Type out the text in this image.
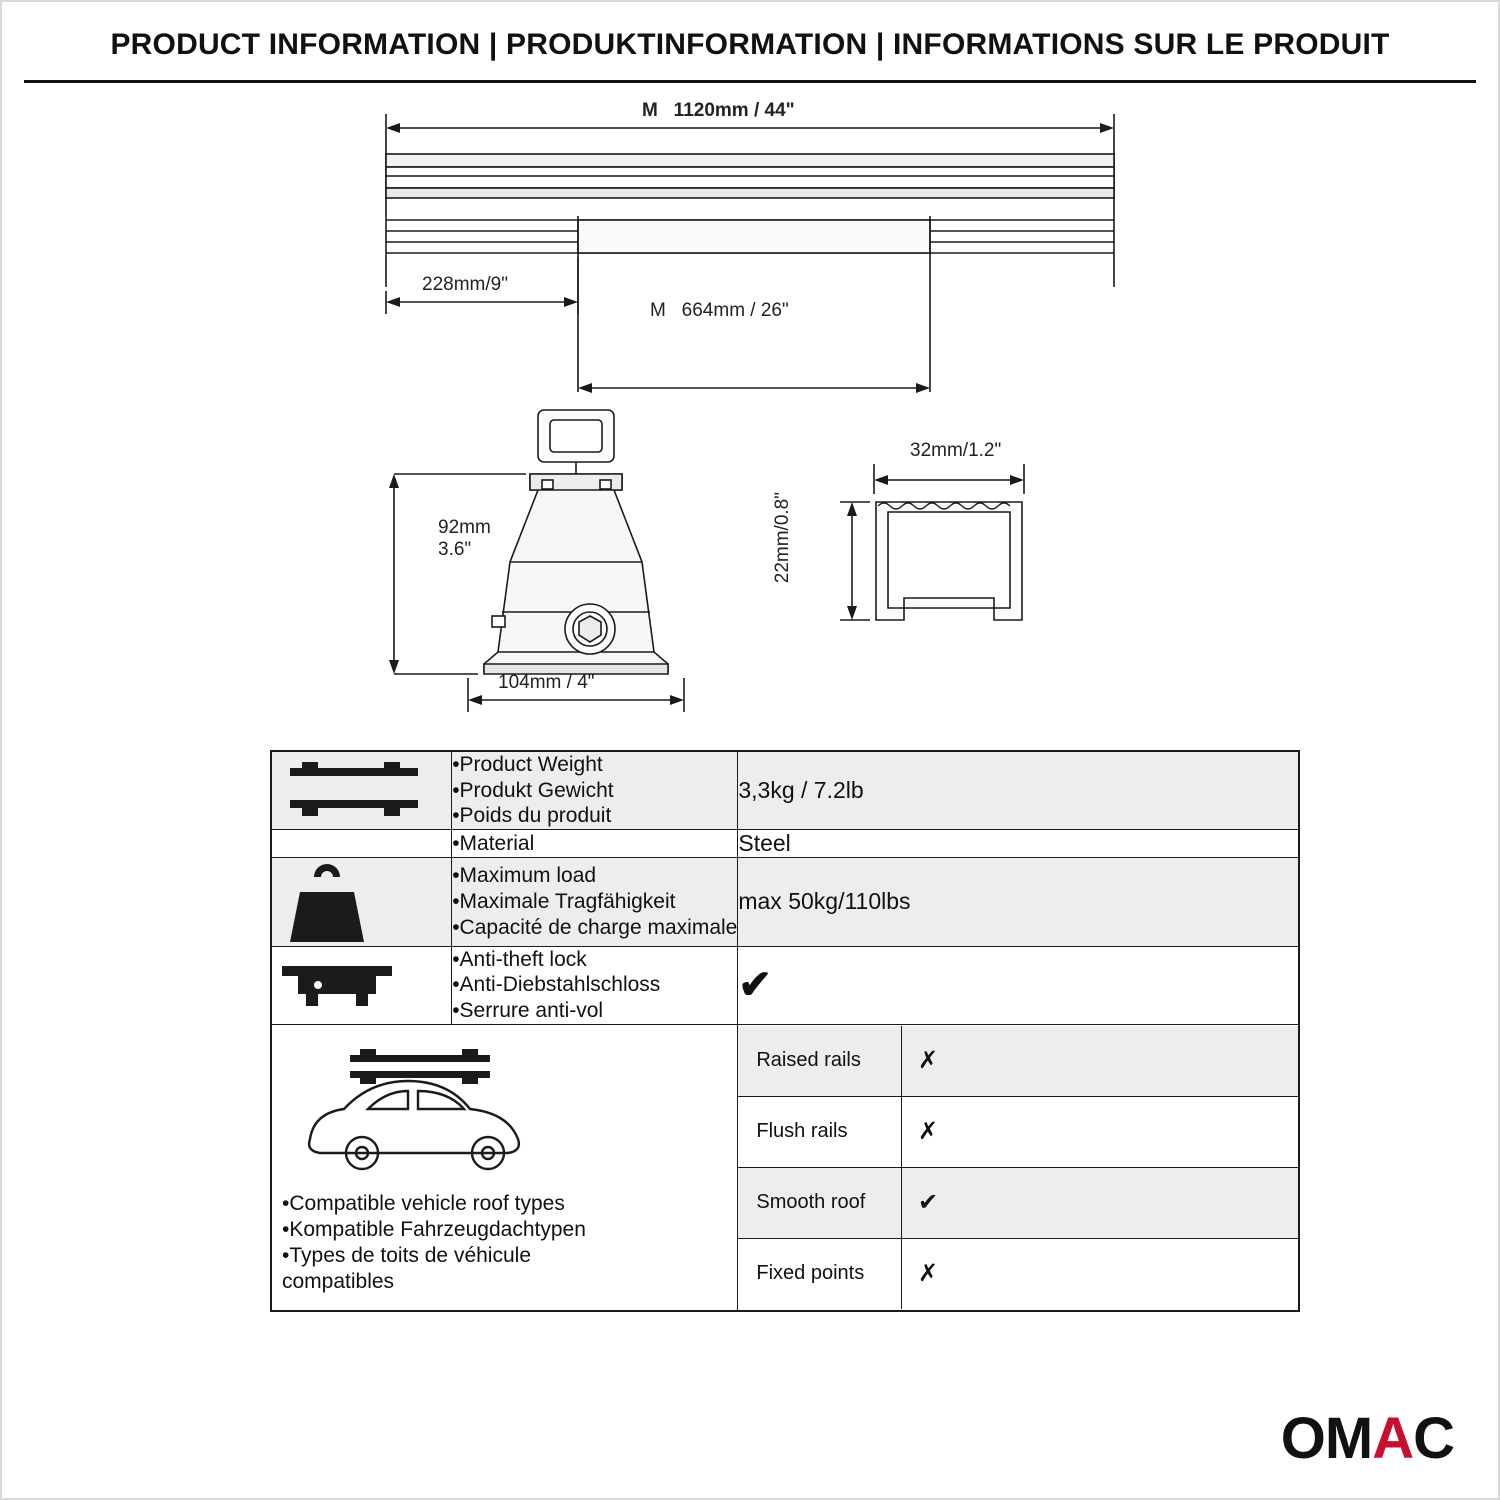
PRODUCT INFORMATION | PRODUKTINFORMATION | INFORMATIONS SUR LE PRODUIT
M 1120mm / 44"
228mm/9"
M 664mm / 26"
92mm
3.6"
104mm / 4"
32mm/1.2"
22mm/0.8"

•Product Weight
•Produkt Gewicht
•Poids du produit
	3,3kg / 7.2lb

•Material	Steel

•Maximum load
•Maximale Tragfähigkeit
•Capacité de charge maximale
	max 50kg/110lbs

•Anti-theft lock
•Anti-Diebstahlschloss
•Serrure anti-vol
	✔

•Compatible vehicle roof types
•Kompatible Fahrzeugdachtypen
•Types de toits de véhicule
compatibles

Raised rails	✗
Flush rails	✗
Smooth roof	✔
Fixed points	✗
OMAC
